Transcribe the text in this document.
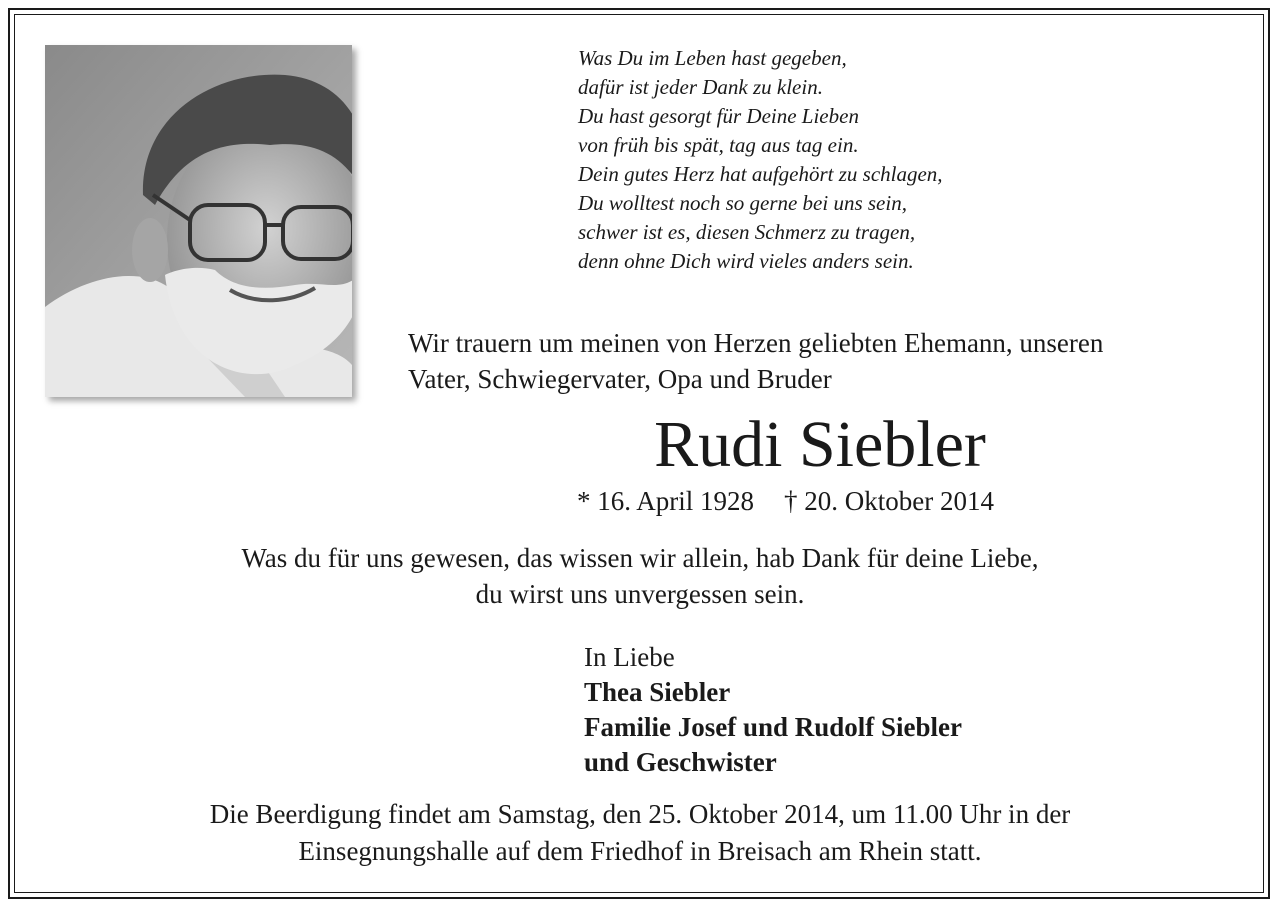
Was Du im Leben hast gegeben,
dafür ist jeder Dank zu klein.
Du hast gesorgt für Deine Lieben
von früh bis spät, tag aus tag ein.
Dein gutes Herz hat aufgehört zu schlagen,
Du wolltest noch so gerne bei uns sein,
schwer ist es, diesen Schmerz zu tragen,
denn ohne Dich wird vieles anders sein.
Wir trauern um meinen von Herzen geliebten Ehemann, unseren
Vater, Schwiegervater, Opa und Bruder
Rudi Siebler
* 16. April 1928 † 20. Oktober 2014
Was du für uns gewesen, das wissen wir allein, hab Dank für deine Liebe,
du wirst uns unvergessen sein.
In Liebe
Thea Siebler
Familie Josef und Rudolf Siebler
und Geschwister
Die Beerdigung findet am Samstag, den 25. Oktober 2014, um 11.00 Uhr in der
Einsegnungshalle auf dem Friedhof in Breisach am Rhein statt.
